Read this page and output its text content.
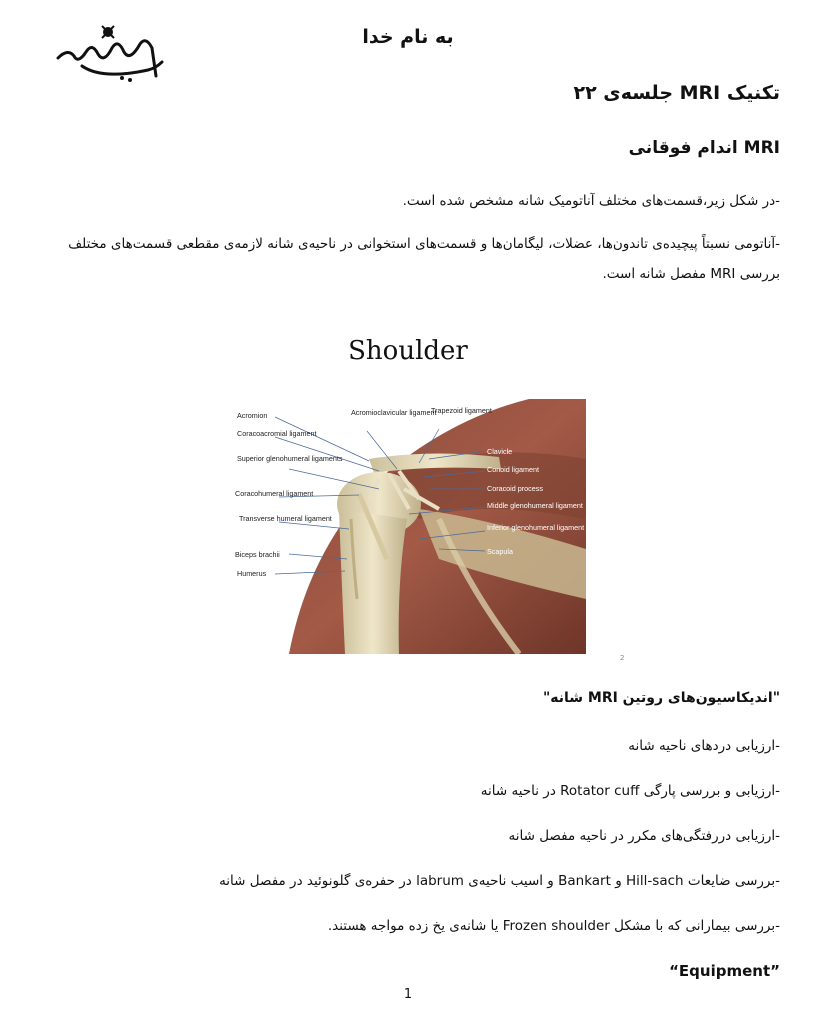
به نام خدا
تکنیک MRI جلسه‌ی ۲۲
MRI اندام فوقانی
-در شکل زیر،قسمت‌های مختلف آناتومیک شانه مشخص شده است.
-آناتومی نسبتاً پیچیده‌ی تاندون‌ها، عضلات، لیگامان‌ها و قسمت‌های استخوانی در ناحیه‌ی شانه لازمه‌ی مقطعی قسمت‌های مختلف بررسی MRI مفصل شانه است.
Shoulder
Acromion
Coracoacromial ligament
Superior glenohumeral ligaments
Coracohumeral ligament
Transverse humeral ligament
Biceps brachii
Humerus
Acromioclavicular ligament
Trapezoid ligament
Clavicle
Conoid ligament
Coracoid process
Middle glenohumeral ligament
Inferior glenohumeral ligament
Scapula
2
"اندیکاسیون‌های روتین MRI شانه"
-ارزیابی دردهای ناحیه شانه
-ارزیابی و بررسی پارگی Rotator cuff در ناحیه شانه
-ارزیابی دررفتگی‌های مکرر در ناحیه مفصل شانه
-بررسی ضایعات Hill-sach و Bankart و اسیب ناحیه‌ی labrum در حفره‌ی گلونوئید در مفصل شانه
-بررسی بیمارانی که با مشکل Frozen shoulder یا شانه‌ی یخ زده مواجه هستند.
“Equipment”
1
